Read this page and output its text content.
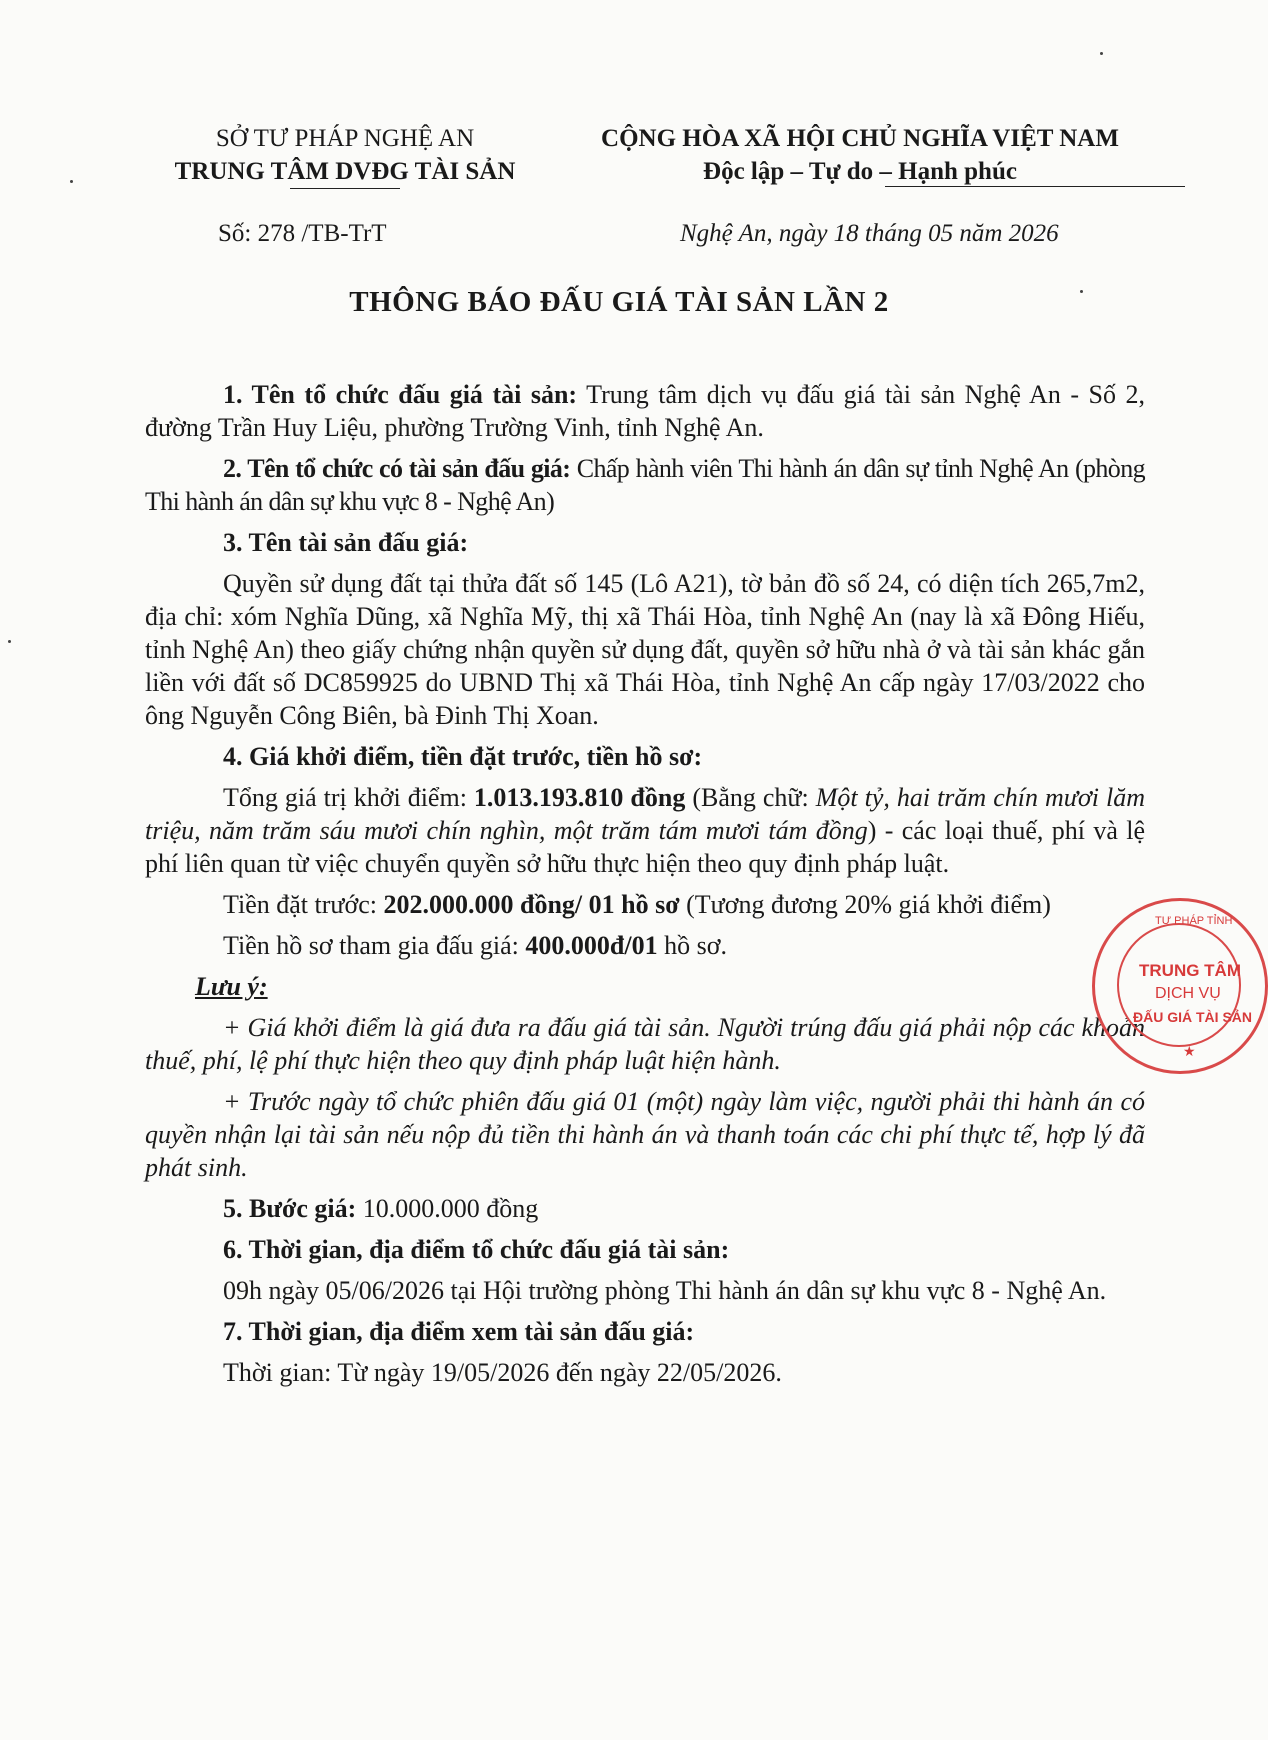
SỞ TƯ PHÁP NGHỆ AN
TRUNG TÂM DVĐG TÀI SẢN
CỘNG HÒA XÃ HỘI CHỦ NGHĨA VIỆT NAM
Độc lập – Tự do – Hạnh phúc
Số: 278 /TB-TrT	Nghệ An, ngày 18 tháng 05 năm 2026
THÔNG BÁO ĐẤU GIÁ TÀI SẢN LẦN 2

1. Tên tổ chức đấu giá tài sản: Trung tâm dịch vụ đấu giá tài sản Nghệ An - Số 2, đường Trần Huy Liệu, phường Trường Vinh, tỉnh Nghệ An.

2. Tên tổ chức có tài sản đấu giá: Chấp hành viên Thi hành án dân sự tỉnh Nghệ An (phòng Thi hành án dân sự khu vực 8 - Nghệ An)

3. Tên tài sản đấu giá:

Quyền sử dụng đất tại thửa đất số 145 (Lô A21), tờ bản đồ số 24, có diện tích 265,7m2, địa chỉ: xóm Nghĩa Dũng, xã Nghĩa Mỹ, thị xã Thái Hòa, tỉnh Nghệ An (nay là xã Đông Hiếu, tỉnh Nghệ An) theo giấy chứng nhận quyền sử dụng đất, quyền sở hữu nhà ở và tài sản khác gắn liền với đất số DC859925 do UBND Thị xã Thái Hòa, tỉnh Nghệ An cấp ngày 17/03/2022 cho ông Nguyễn Công Biên, bà Đinh Thị Xoan.

4. Giá khởi điểm, tiền đặt trước, tiền hồ sơ:

Tổng giá trị khởi điểm: 1.013.193.810 đồng (Bằng chữ: Một tỷ, hai trăm chín mươi lăm triệu, năm trăm sáu mươi chín nghìn, một trăm tám mươi tám đồng) - các loại thuế, phí và lệ phí liên quan từ việc chuyển quyền sở hữu thực hiện theo quy định pháp luật.

Tiền đặt trước: 202.000.000 đồng/ 01 hồ sơ (Tương đương 20% giá khởi điểm)

Tiền hồ sơ tham gia đấu giá: 400.000đ/01 hồ sơ.

Lưu ý:

+ Giá khởi điểm là giá đưa ra đấu giá tài sản. Người trúng đấu giá phải nộp các khoản thuế, phí, lệ phí thực hiện theo quy định pháp luật hiện hành.

+ Trước ngày tổ chức phiên đấu giá 01 (một) ngày làm việc, người phải thi hành án có quyền nhận lại tài sản nếu nộp đủ tiền thi hành án và thanh toán các chi phí thực tế, hợp lý đã phát sinh.

5. Bước giá: 10.000.000 đồng

6. Thời gian, địa điểm tổ chức đấu giá tài sản:

09h ngày 05/06/2026 tại Hội trường phòng Thi hành án dân sự khu vực 8 - Nghệ An.

7. Thời gian, địa điểm xem tài sản đấu giá:

Thời gian: Từ ngày 19/05/2026 đến ngày 22/05/2026.

TƯ PHÁP TỈNH
TRUNG TÂM
DỊCH VỤ
ĐẤU GIÁ TÀI SẢN
★
